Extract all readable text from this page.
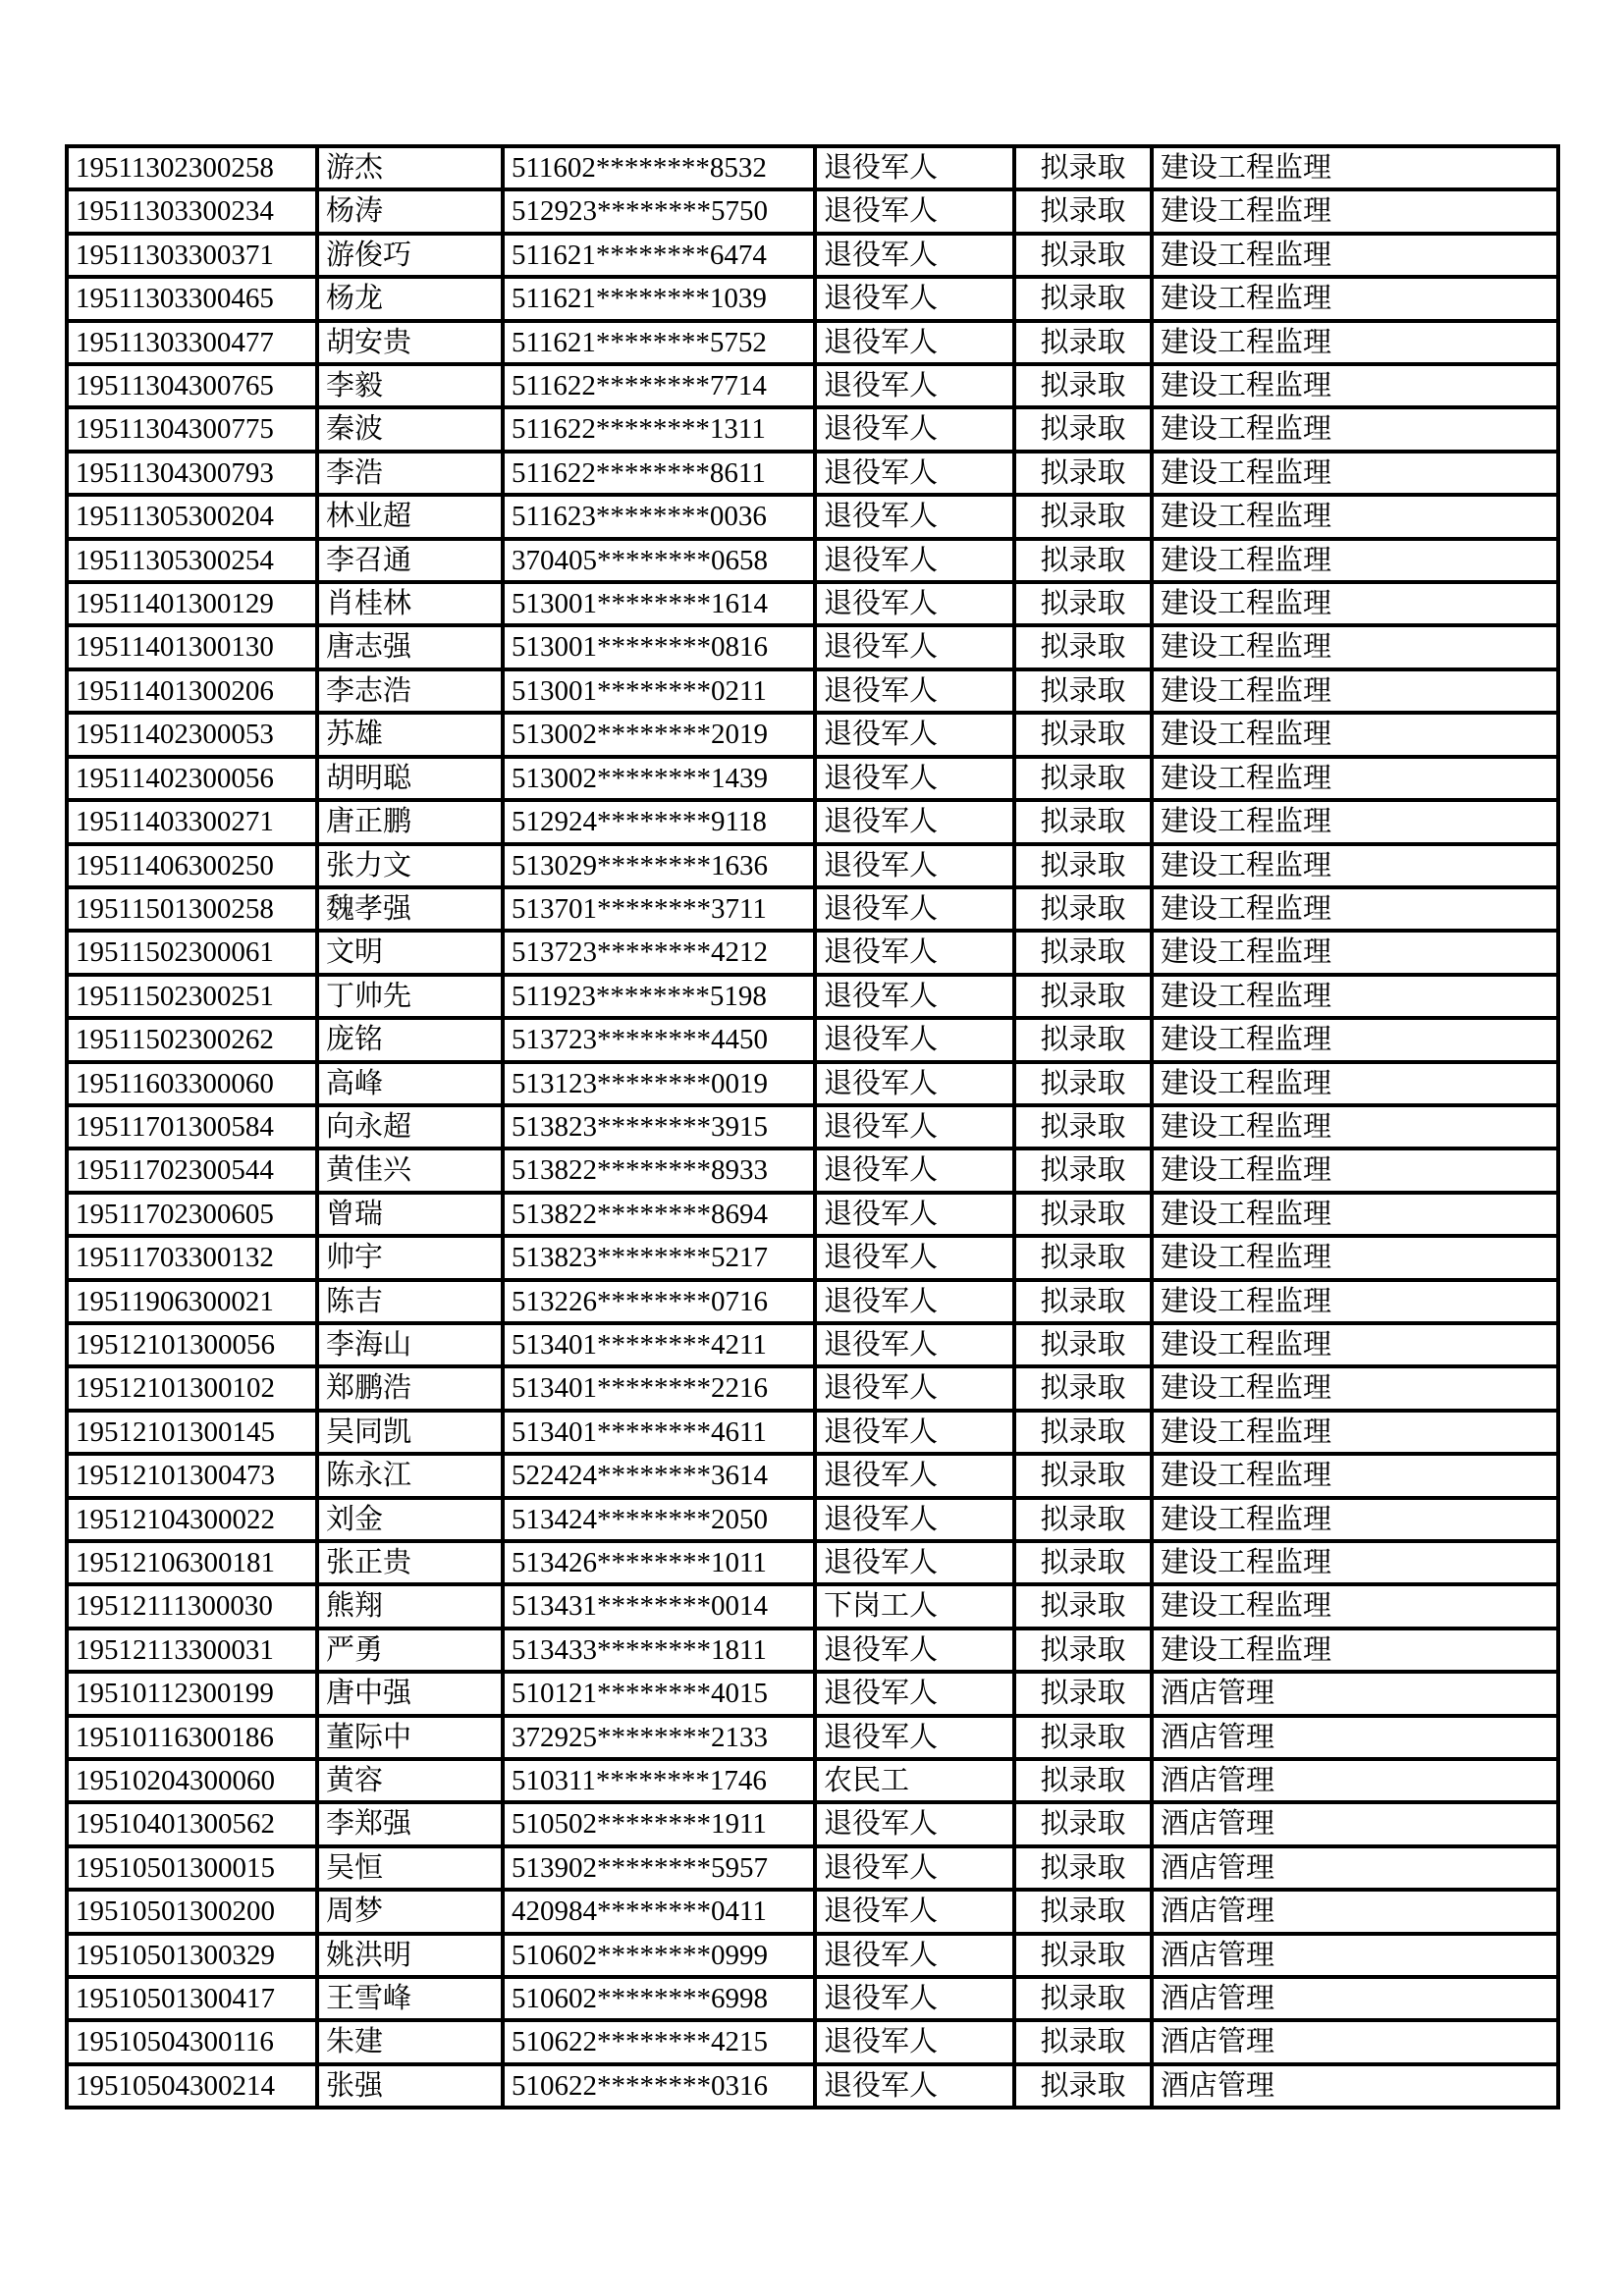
19511302300258	游杰	511602********8532	退役军人	拟录取	建设工程监理
19511303300234	杨涛	512923********5750	退役军人	拟录取	建设工程监理
19511303300371	游俊巧	511621********6474	退役军人	拟录取	建设工程监理
19511303300465	杨龙	511621********1039	退役军人	拟录取	建设工程监理
19511303300477	胡安贵	511621********5752	退役军人	拟录取	建设工程监理
19511304300765	李毅	511622********7714	退役军人	拟录取	建设工程监理
19511304300775	秦波	511622********1311	退役军人	拟录取	建设工程监理
19511304300793	李浩	511622********8611	退役军人	拟录取	建设工程监理
19511305300204	林业超	511623********0036	退役军人	拟录取	建设工程监理
19511305300254	李召通	370405********0658	退役军人	拟录取	建设工程监理
19511401300129	肖桂林	513001********1614	退役军人	拟录取	建设工程监理
19511401300130	唐志强	513001********0816	退役军人	拟录取	建设工程监理
19511401300206	李志浩	513001********0211	退役军人	拟录取	建设工程监理
19511402300053	苏雄	513002********2019	退役军人	拟录取	建设工程监理
19511402300056	胡明聪	513002********1439	退役军人	拟录取	建设工程监理
19511403300271	唐正鹏	512924********9118	退役军人	拟录取	建设工程监理
19511406300250	张力文	513029********1636	退役军人	拟录取	建设工程监理
19511501300258	魏孝强	513701********3711	退役军人	拟录取	建设工程监理
19511502300061	文明	513723********4212	退役军人	拟录取	建设工程监理
19511502300251	丁帅先	511923********5198	退役军人	拟录取	建设工程监理
19511502300262	庞铭	513723********4450	退役军人	拟录取	建设工程监理
19511603300060	高峰	513123********0019	退役军人	拟录取	建设工程监理
19511701300584	向永超	513823********3915	退役军人	拟录取	建设工程监理
19511702300544	黄佳兴	513822********8933	退役军人	拟录取	建设工程监理
19511702300605	曾瑞	513822********8694	退役军人	拟录取	建设工程监理
19511703300132	帅宇	513823********5217	退役军人	拟录取	建设工程监理
19511906300021	陈吉	513226********0716	退役军人	拟录取	建设工程监理
19512101300056	李海山	513401********4211	退役军人	拟录取	建设工程监理
19512101300102	郑鹏浩	513401********2216	退役军人	拟录取	建设工程监理
19512101300145	吴同凯	513401********4611	退役军人	拟录取	建设工程监理
19512101300473	陈永江	522424********3614	退役军人	拟录取	建设工程监理
19512104300022	刘金	513424********2050	退役军人	拟录取	建设工程监理
19512106300181	张正贵	513426********1011	退役军人	拟录取	建设工程监理
19512111300030	熊翔	513431********0014	下岗工人	拟录取	建设工程监理
19512113300031	严勇	513433********1811	退役军人	拟录取	建设工程监理
19510112300199	唐中强	510121********4015	退役军人	拟录取	酒店管理
19510116300186	董际中	372925********2133	退役军人	拟录取	酒店管理
19510204300060	黄容	510311********1746	农民工	拟录取	酒店管理
19510401300562	李郑强	510502********1911	退役军人	拟录取	酒店管理
19510501300015	吴恒	513902********5957	退役军人	拟录取	酒店管理
19510501300200	周梦	420984********0411	退役军人	拟录取	酒店管理
19510501300329	姚洪明	510602********0999	退役军人	拟录取	酒店管理
19510501300417	王雪峰	510602********6998	退役军人	拟录取	酒店管理
19510504300116	朱建	510622********4215	退役军人	拟录取	酒店管理
19510504300214	张强	510622********0316	退役军人	拟录取	酒店管理
